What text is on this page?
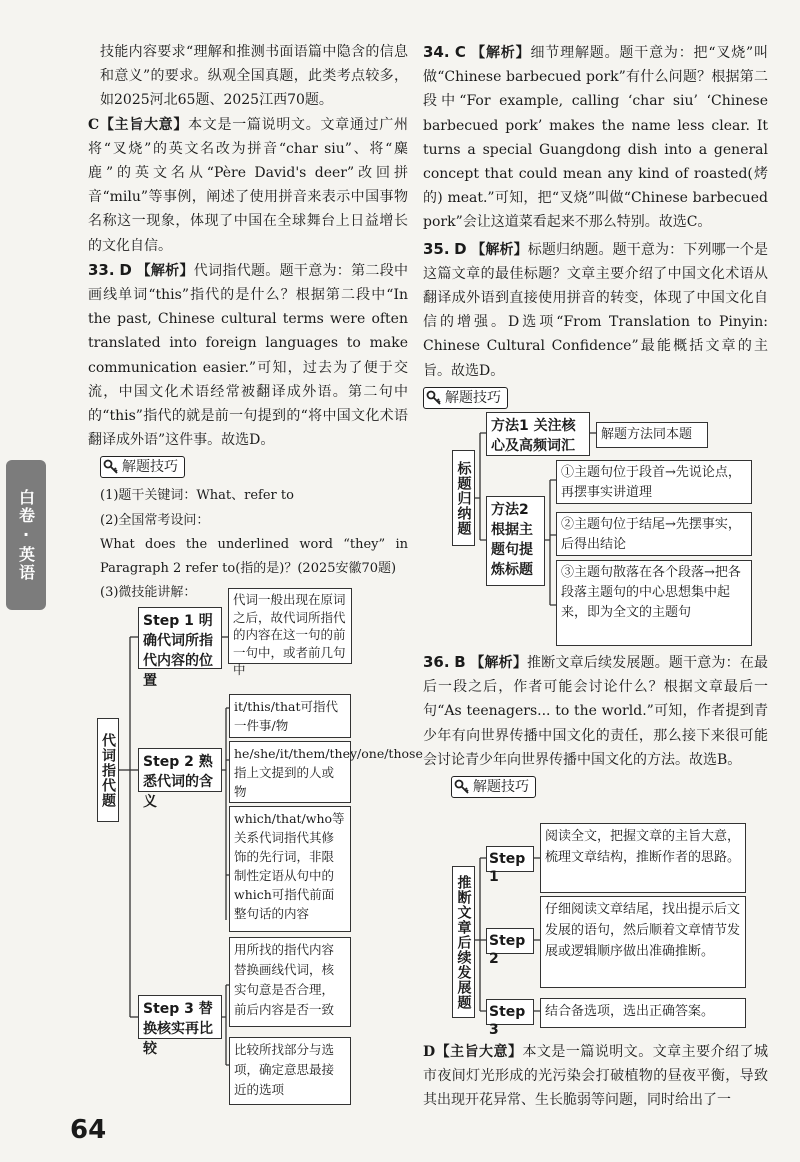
白卷·英语

技能内容要求“理解和推测书面语篇中隐含的信息和意义”的要求。纵观全国真题，此类考点较多，如2025河北65题、2025江西70题。

C【主旨大意】本文是一篇说明文。文章通过广州将“叉烧”的英文名改为拼音“char siu”、将“麋鹿”的英文名从“Père David's deer”改回拼音“milu”等事例，阐述了使用拼音来表示中国事物名称这一现象，体现了中国在全球舞台上日益增长的文化自信。

33. D 【解析】代词指代题。题干意为：第二段中画线单词“this”指代的是什么？根据第二段中“In the past, Chinese cultural terms were often translated into foreign languages to make communication easier.”可知，过去为了便于交流，中国文化术语经常被翻译成外语。第二句中的“this”指代的就是前一句提到的“将中国文化术语翻译成外语”这件事。故选D。

解题技巧

(1)题干关键词：What、refer to

(2)全国常考设问：

What does the underlined word “they” in Paragraph 2 refer to(指的是)？(2025安徽70题)

(3)微技能讲解：

代词指代题
Step 1 明确代词所指代内容的位置
代词一般出现在原词之后，故代词所指代的内容在这一句的前一句中，或者前几句中
Step 2 熟悉代词的含义
it/this/that可指代一件事/物
he/she/it/them/they/one/those指上文提到的人或物
which/that/who等关系代词指代其修饰的先行词，非限制性定语从句中的which可指代前面整句话的内容
Step 3 替换核实再比较
用所找的指代内容替换画线代词，核实句意是否合理，前后内容是否一致
比较所找部分与选项，确定意思最接近的选项

34. C 【解析】细节理解题。题干意为：把“叉烧”叫做“Chinese barbecued pork”有什么问题？根据第二段中“For example, calling ‘char siu’ ‘Chinese barbecued pork’ makes the name less clear. It turns a special Guangdong dish into a general concept that could mean any kind of roasted(烤的) meat.”可知，把“叉烧”叫做“Chinese barbecued pork”会让这道菜看起来不那么特别。故选C。

35. D 【解析】标题归纳题。题干意为：下列哪一个是这篇文章的最佳标题？文章主要介绍了中国文化术语从翻译成外语到直接使用拼音的转变，体现了中国文化自信的增强。D选项“From Translation to Pinyin: Chinese Cultural Confidence”最能概括文章的主旨。故选D。

解题技巧
标题归纳题
方法1 关注核心及高频词汇
解题方法同本题
方法2 根据主题句提炼标题
①主题句位于段首→先说论点，再摆事实讲道理
②主题句位于结尾→先摆事实，后得出结论
③主题句散落在各个段落→把各段落主题句的中心思想集中起来，即为全文的主题句

36. B 【解析】推断文章后续发展题。题干意为：在最后一段之后，作者可能会讨论什么？根据文章最后一句“As teenagers... to the world.”可知，作者提到青少年有向世界传播中国文化的责任，那么接下来很可能会讨论青少年向世界传播中国文化的方法。故选B。

解题技巧
推断文章后续发展题
Step 1
阅读全文，把握文章的主旨大意，梳理文章结构，推断作者的思路。
Step 2
仔细阅读文章结尾，找出提示后文发展的语句，然后顺着文章情节发展或逻辑顺序做出准确推断。
Step 3
结合备选项，选出正确答案。

D【主旨大意】本文是一篇说明文。文章主要介绍了城市夜间灯光形成的光污染会打破植物的昼夜平衡，导致其出现开花异常、生长脆弱等问题，同时给出了一

64
